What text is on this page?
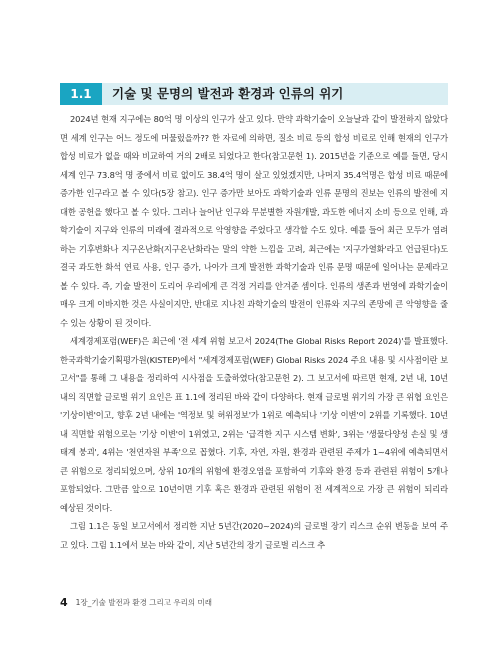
1.1	기술 및 문명의 발전과 환경과 인류의 위기

2024년 현재 지구에는 80억 명 이상의 인구가 살고 있다. 만약 과학기술이 오늘날과 같이 발전하지 않았다면 세계 인구는 어느 정도에 머물렀을까?? 한 자료에 의하면, 질소 비료 등의 합성 비료로 인해 현재의 인구가 합성 비료가 없을 때와 비교하여 거의 2배로 되었다고 한다(참고문헌 1). 2015년을 기준으로 예를 들면, 당시 세계 인구 73.8억 명 중에서 비료 없이도 38.4억 명이 살고 있었겠지만, 나머지 35.4억명은 합성 비료 때문에 증가한 인구라고 볼 수 있다(5장 참고). 인구 증가만 보아도 과학기술과 인류 문명의 진보는 인류의 발전에 지대한 공헌을 했다고 볼 수 있다. 그러나 늘어난 인구와 무분별한 자원개발, 과도한 에너지 소비 등으로 인해, 과학기술이 지구와 인류의 미래에 결과적으로 악영향을 주었다고 생각할 수도 있다. 예를 들어 최근 모두가 염려하는 기후변화나 지구온난화(지구온난화라는 말의 약한 느낌을 고려, 최근에는 '지구가열화'라고 언급된다)도 결국 과도한 화석 연료 사용, 인구 증가, 나아가 크게 발전한 과학기술과 인류 문명 때문에 일어나는 문제라고 볼 수 있다. 즉, 기술 발전이 도리어 우리에게 큰 걱정 거리를 안겨준 셈이다. 인류의 생존과 번영에 과학기술이 매우 크게 이바지한 것은 사실이지만, 반대로 지나친 과학기술의 발전이 인류와 지구의 존망에 큰 악영향을 줄 수 있는 상황이 된 것이다.

세계경제포럼(WEF)은 최근에 '전 세계 위험 보고서 2024(The Global Risks Report 2024)'를 발표했다. 한국과학기술기획평가원(KISTEP)에서 "세계경제포럼(WEF) Global Risks 2024 주요 내용 및 시사점이란 보고서"를 통해 그 내용을 정리하여 시사점을 도출하였다(참고문헌 2). 그 보고서에 따르면 현재, 2년 내, 10년 내의 직면할 글로벌 위기 요인은 표 1.1에 정리된 바와 같이 다양하다. 현재 글로벌 위기의 가장 큰 위협 요인은 '기상이변'이고, 향후 2년 내에는 '역정보 및 허위정보'가 1위로 예측되나 '기상 이변'이 2위를 기록했다. 10년 내 직면할 위험으로는 '기상 이변'이 1위였고, 2위는 '급격한 지구 시스템 변화', 3위는 '생물다양성 손실 및 생태계 붕괴', 4위는 '천연자원 부족'으로 꼽혔다. 기후, 자연, 자원, 환경과 관련된 주제가 1~4위에 예측되면서 큰 위험으로 정리되었으며, 상위 10개의 위험에 환경오염을 포함하여 기후와 환경 등과 관련된 위험이 5개나 포함되었다. 그만큼 앞으로 10년이면 기후 혹은 환경과 관련된 위험이 전 세계적으로 가장 큰 위험이 되리라 예상된 것이다.

그림 1.1은 동일 보고서에서 정리한 지난 5년간(2020~2024)의 글로벌 장기 리스크 순위 변동을 보여 주고 있다. 그림 1.1에서 보는 바와 같이, 지난 5년간의 장기 글로벌 리스크 추

4 1장_기술 발전과 환경 그리고 우리의 미래
